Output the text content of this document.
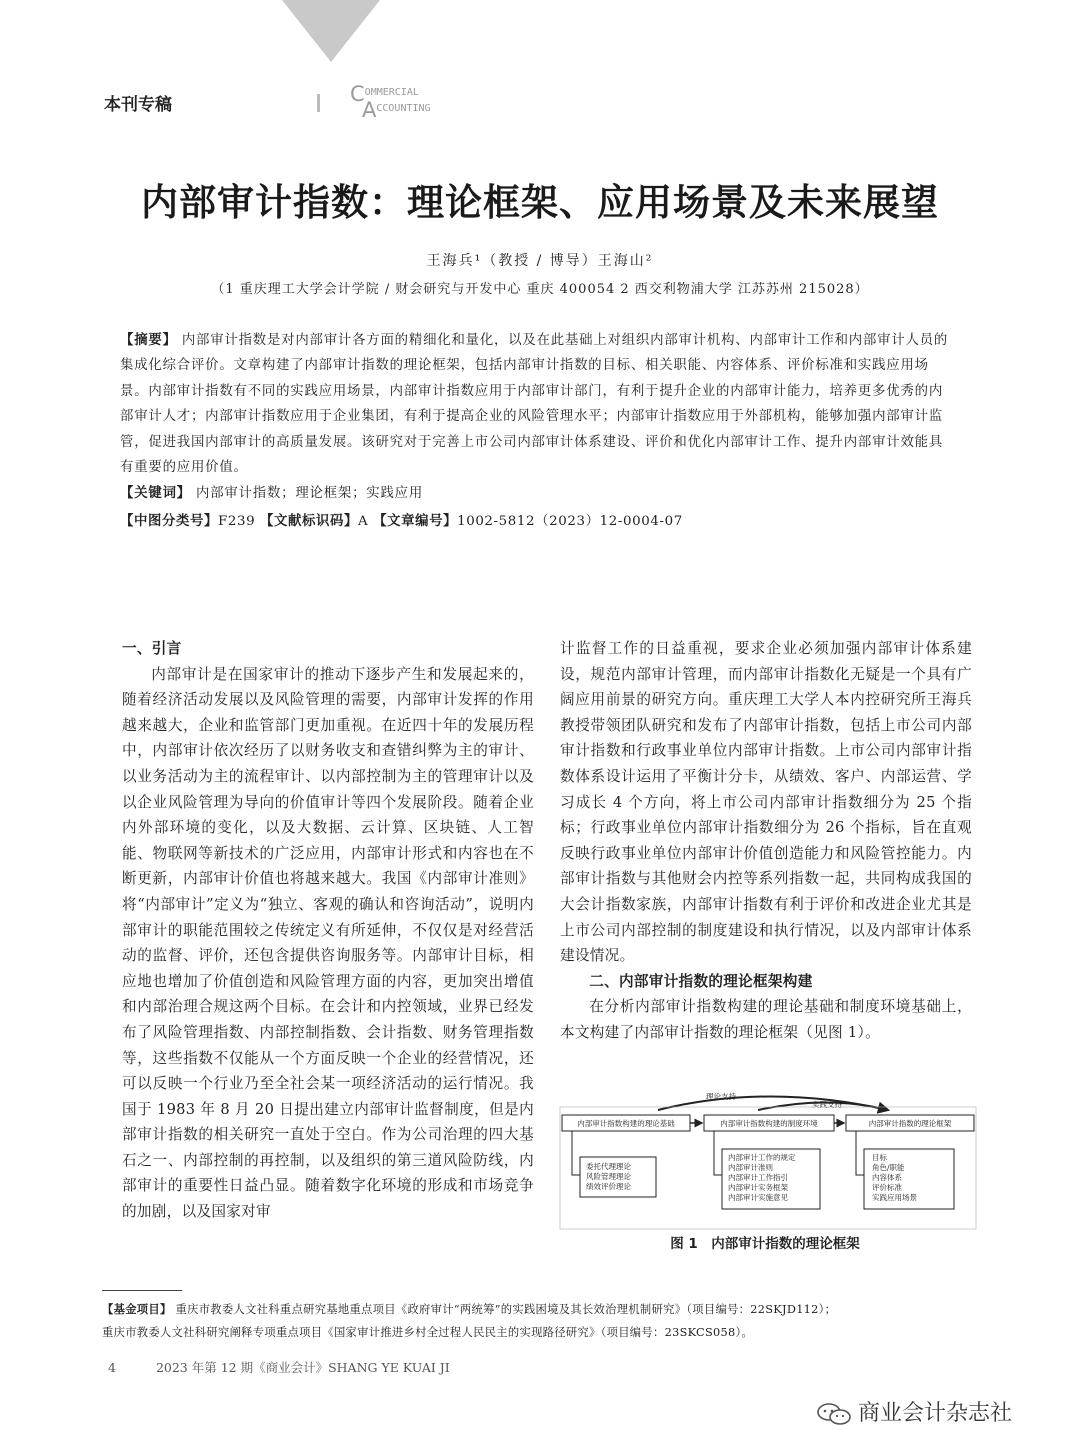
本刊专稿	COMMERCIAL
ACCOUNTING
内部审计指数：理论框架、应用场景及未来展望
王海兵¹（教授 / 博导）王海山²
（1 重庆理工大学会计学院 / 财会研究与开发中心 重庆 400054 2 西交利物浦大学 江苏苏州 215028）
【摘要】 内部审计指数是对内部审计各方面的精细化和量化，以及在此基础上对组织内部审计机构、内部审计工作和内部审计人员的集成化综合评价。文章构建了内部审计指数的理论框架，包括内部审计指数的目标、相关职能、内容体系、评价标准和实践应用场景。内部审计指数有不同的实践应用场景，内部审计指数应用于内部审计部门，有利于提升企业的内部审计能力，培养更多优秀的内部审计人才；内部审计指数应用于企业集团，有利于提高企业的风险管理水平；内部审计指数应用于外部机构，能够加强内部审计监管，促进我国内部审计的高质量发展。该研究对于完善上市公司内部审计体系建设、评价和优化内部审计工作、提升内部审计效能具有重要的应用价值。
【关键词】 内部审计指数；理论框架；实践应用
【中图分类号】F239 【文献标识码】A 【文章编号】1002-5812（2023）12-0004-07
一、引言

内部审计是在国家审计的推动下逐步产生和发展起来的，随着经济活动发展以及风险管理的需要，内部审计发挥的作用越来越大，企业和监管部门更加重视。在近四十年的发展历程中，内部审计依次经历了以财务收支和查错纠弊为主的审计、以业务活动为主的流程审计、以内部控制为主的管理审计以及以企业风险管理为导向的价值审计等四个发展阶段。随着企业内外部环境的变化，以及大数据、云计算、区块链、人工智能、物联网等新技术的广泛应用，内部审计形式和内容也在不断更新，内部审计价值也将越来越大。我国《内部审计准则》将“内部审计”定义为“独立、客观的确认和咨询活动”，说明内部审计的职能范围较之传统定义有所延伸，不仅仅是对经营活动的监督、评价，还包含提供咨询服务等。内部审计目标，相应地也增加了价值创造和风险管理方面的内容，更加突出增值和内部治理合规这两个目标。在会计和内控领域，业界已经发布了风险管理指数、内部控制指数、会计指数、财务管理指数等，这些指数不仅能从一个方面反映一个企业的经营情况，还可以反映一个行业乃至全社会某一项经济活动的运行情况。我国于 1983 年 8 月 20 日提出建立内部审计监督制度，但是内部审计指数的相关研究一直处于空白。作为公司治理的四大基石之一、内部控制的再控制，以及组织的第三道风险防线，内部审计的重要性日益凸显。随着数字化环境的形成和市场竞争的加剧，以及国家对审

计监督工作的日益重视，要求企业必须加强内部审计体系建设，规范内部审计管理，而内部审计指数化无疑是一个具有广阔应用前景的研究方向。重庆理工大学人本内控研究所王海兵教授带领团队研究和发布了内部审计指数，包括上市公司内部审计指数和行政事业单位内部审计指数。上市公司内部审计指数体系设计运用了平衡计分卡，从绩效、客户、内部运营、学习成长 4 个方向，将上市公司内部审计指数细分为 25 个指标；行政事业单位内部审计指数细分为 26 个指标，旨在直观反映行政事业单位内部审计价值创造能力和风险管控能力。内部审计指数与其他财会内控等系列指数一起，共同构成我国的大会计指数家族，内部审计指数有利于评价和改进企业尤其是上市公司内部控制的制度建设和执行情况，以及内部审计体系建设情况。

二、内部审计指数的理论框架构建

在分析内部审计指数构建的理论基础和制度环境基础上，本文构建了内部审计指数的理论框架（见图 1）。

理论支持
实践支持
内部审计指数构建的理论基础	内部审计指数构建的制度环境	内部审计指数的理论框架
委托代理理论
风险管理理论
绩效评价理论
内部审计工作的规定
内部审计准则
内部审计工作指引
内部审计实务框架
内部审计实施意见
目标
角色/职能
内容体系
评价标准
实践应用场景
图 1　内部审计指数的理论框架
【基金项目】 重庆市教委人文社科重点研究基地重点项目《政府审计“两统筹”的实践困境及其长效治理机制研究》（项目编号：22SKJD112）；
重庆市教委人文社科研究阐释专项重点项目《国家审计推进乡村全过程人民民主的实现路径研究》（项目编号：23SKCS058）。
4	2023 年第 12 期《商业会计》SHANG YE KUAI JI
商业会计杂志社
